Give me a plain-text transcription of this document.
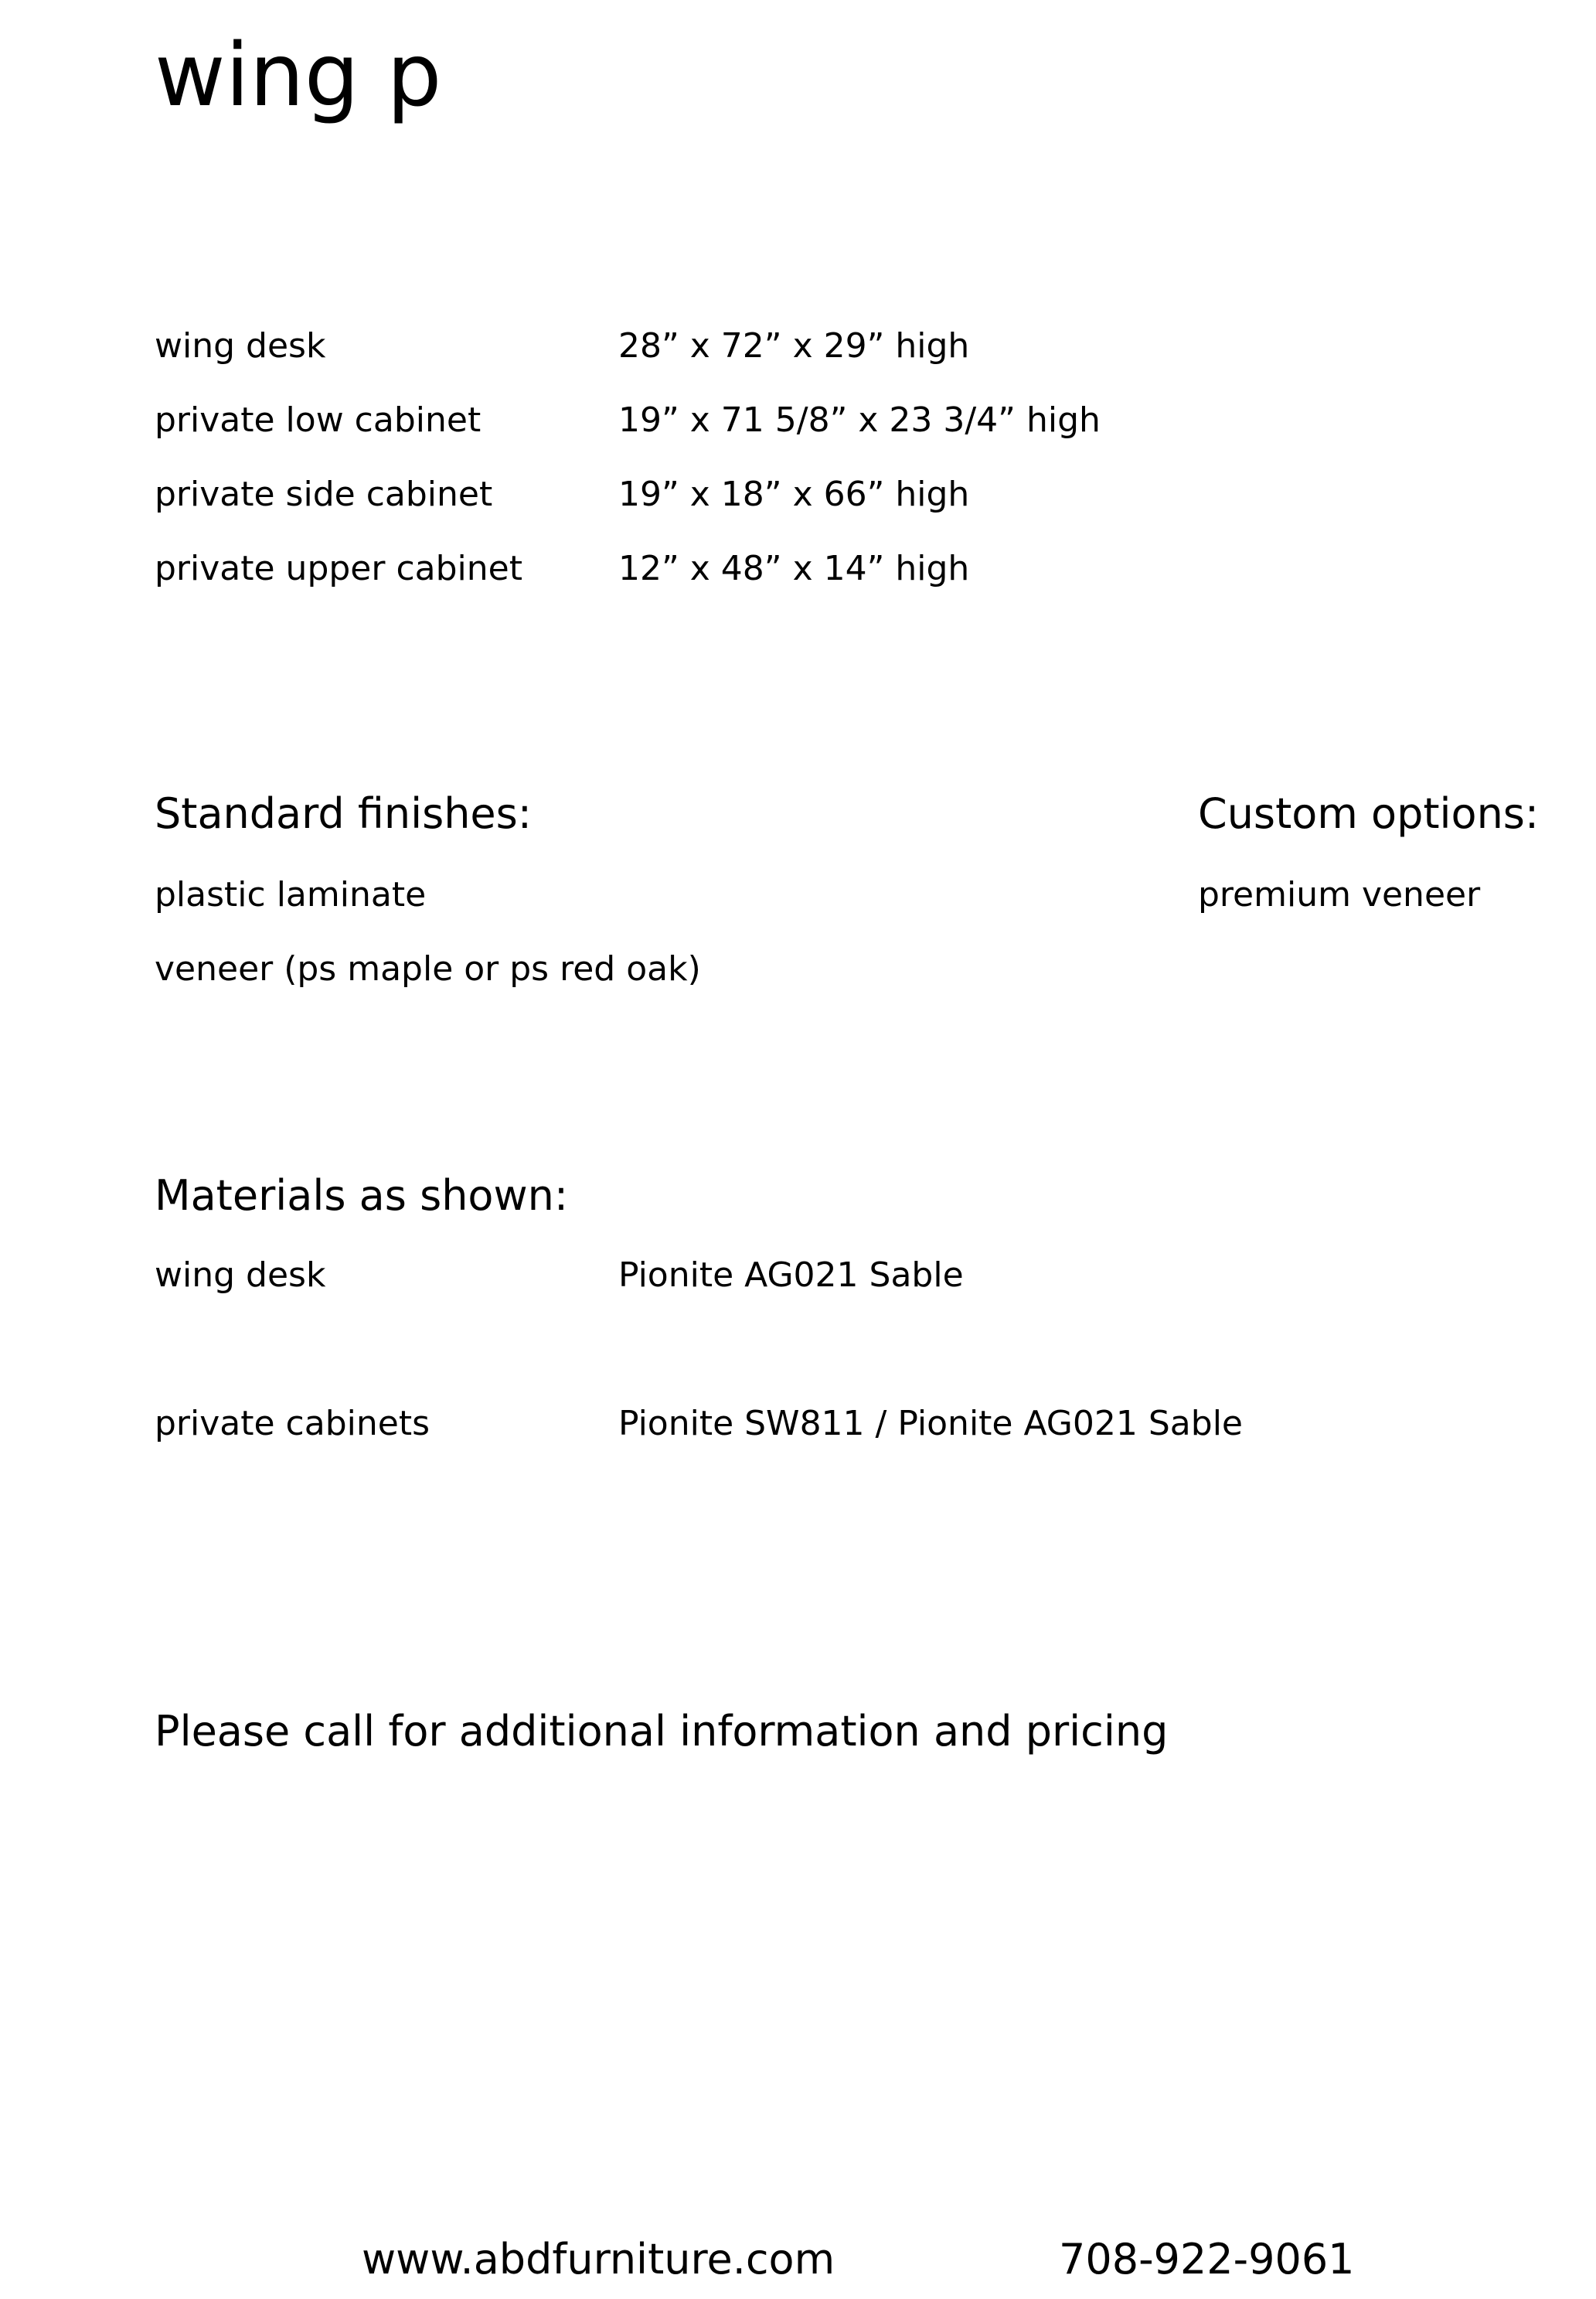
wing p
wing desk	28” x 72” x 29” high
private low cabinet	19” x 71 5/8” x 23 3/4” high
private side cabinet	19” x 18” x 66” high
private upper cabinet	12” x 48” x 14” high
Standard finishes:
plastic laminate
veneer (ps maple or ps red oak)
Custom options:
premium veneer
Materials as shown:
wing desk	Pionite AG021 Sable
private cabinets	Pionite SW811 / Pionite AG021 Sable
Please call for additional information and pricing
www.abdfurniture.com	708-922-9061
